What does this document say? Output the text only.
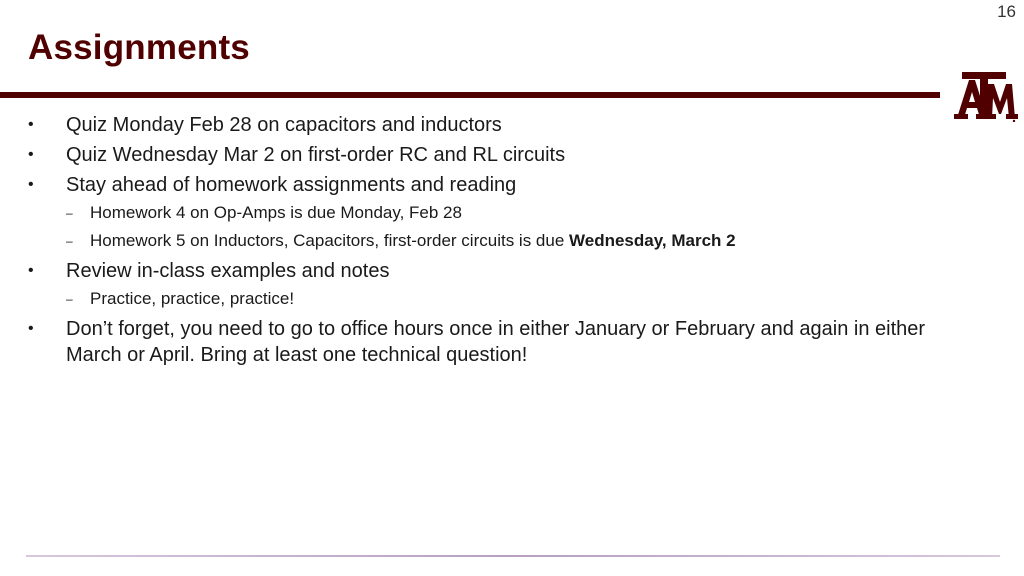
16
Assignments
•	Quiz Monday Feb 28 on capacitors and inductors
•	Quiz Wednesday Mar 2 on first-order RC and RL circuits
•	Stay ahead of homework assignments and reading
–	Homework 4 on Op-Amps is due Monday, Feb 28
–	Homework 5 on Inductors, Capacitors, first-order circuits is due Wednesday, March 2
•	Review in-class examples and notes
–	Practice, practice, practice!
•	Don’t forget, you need to go to office hours once in either January or February and again in either March or April. Bring at least one technical question!
